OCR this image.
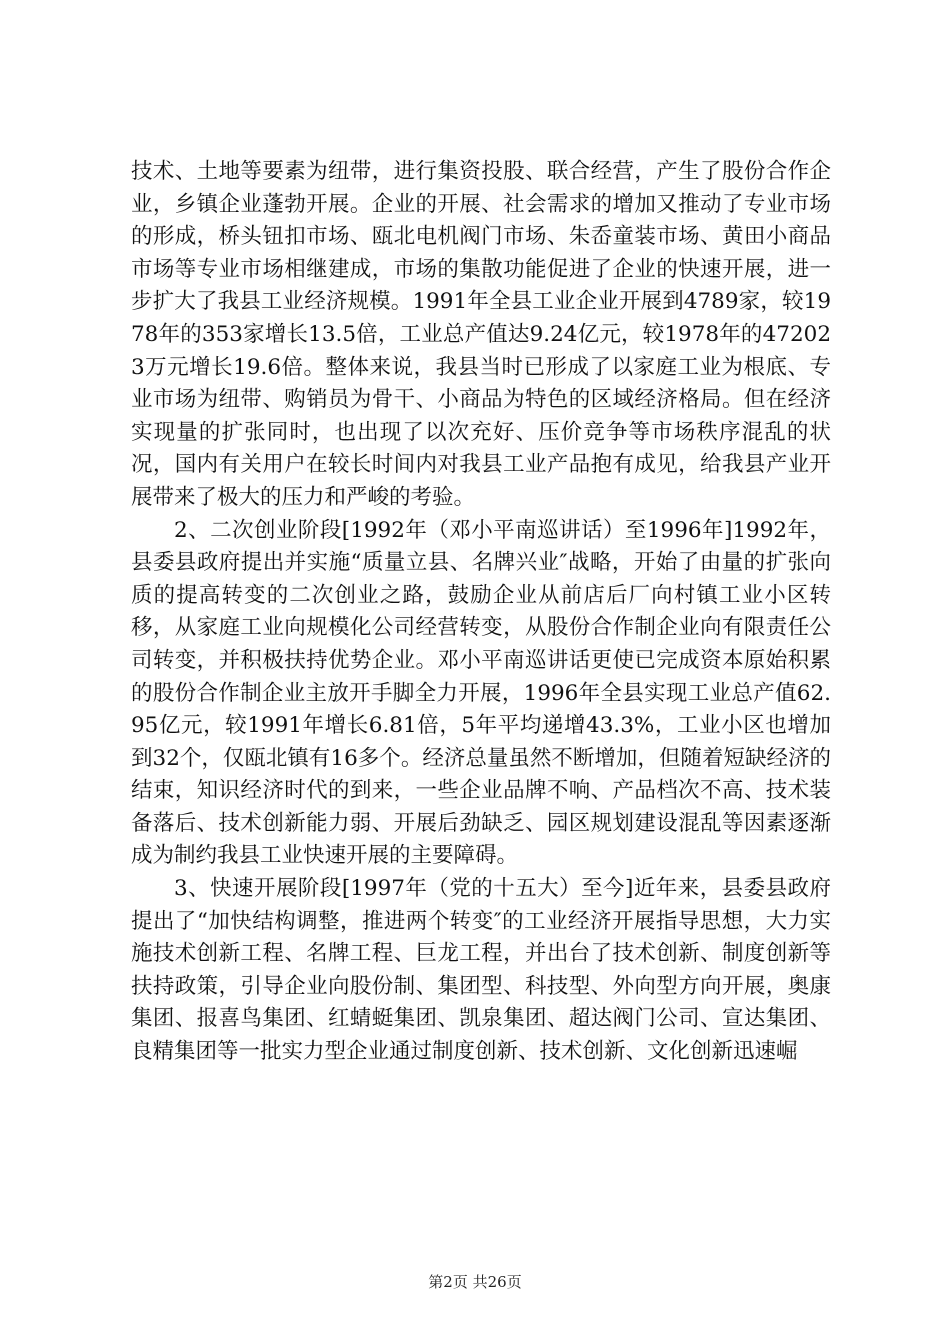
技术、土地等要素为纽带，进行集资投股、联合经营，产生了股份合作企业，乡镇企业蓬勃开展。企业的开展、社会需求的增加又推动了专业市场的形成，桥头钮扣市场、瓯北电机阀门市场、朱岙童装市场、黄田小商品市场等专业市场相继建成，市场的集散功能促进了企业的快速开展，进一步扩大了我县工业经济规模。1991年全县工业企业开展到4789家，较1978年的353家增长13.5倍，工业总产值达9.24亿元，较1978年的472023万元增长19.6倍。整体来说，我县当时已形成了以家庭工业为根底、专业市场为纽带、购销员为骨干、小商品为特色的区域经济格局。但在经济实现量的扩张同时，也出现了以次充好、压价竞争等市场秩序混乱的状况，国内有关用户在较长时间内对我县工业产品抱有成见，给我县产业开展带来了极大的压力和严峻的考验。

2、二次创业阶段[1992年（邓小平南巡讲话）至1996年]1992年，县委县政府提出并实施“质量立县、名牌兴业″战略，开始了由量的扩张向质的提高转变的二次创业之路，鼓励企业从前店后厂向村镇工业小区转移，从家庭工业向规模化公司经营转变，从股份合作制企业向有限责任公司转变，并积极扶持优势企业。邓小平南巡讲话更使已完成资本原始积累的股份合作制企业主放开手脚全力开展，1996年全县实现工业总产值62.95亿元，较1991年增长6.81倍，5年平均递增43.3%，工业小区也增加到32个，仅瓯北镇有16多个。经济总量虽然不断增加，但随着短缺经济的结束，知识经济时代的到来，一些企业品牌不响、产品档次不高、技术装备落后、技术创新能力弱、开展后劲缺乏、园区规划建设混乱等因素逐渐成为制约我县工业快速开展的主要障碍。

3、快速开展阶段[1997年（党的十五大）至今]近年来，县委县政府提出了“加快结构调整，推进两个转变″的工业经济开展指导思想，大力实施技术创新工程、名牌工程、巨龙工程，并出台了技术创新、制度创新等扶持政策，引导企业向股份制、集团型、科技型、外向型方向开展，奥康集团、报喜鸟集团、红蜻蜓集团、凯泉集团、超达阀门公司、宣达集团、良精集团等一批实力型企业通过制度创新、技术创新、文化创新迅速崛

第2页 共26页
